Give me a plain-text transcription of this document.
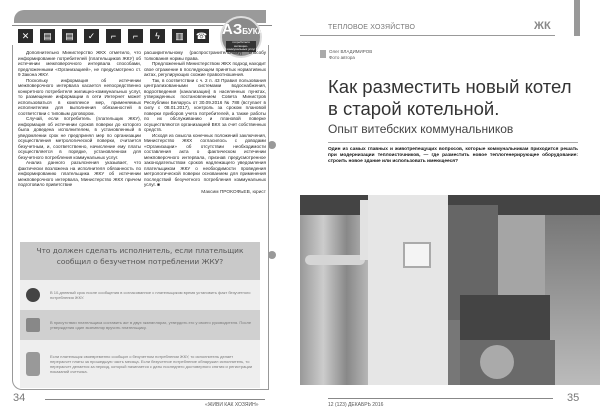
✕	▤	▤	✓	⌐	⌐	ϟ	▥	☎ АЗБУКА
потребителя жилищно-коммунальных услуг

Дополнительно Министерство ЖКХ отметило, что информирование потребителей (плательщиков ЖКУ) об истечении межповерочного интервала способами, предложенными «Организацией», не предусмотрено ст. 9 Закона ЖКУ.

Поскольку информация об истечении межповерочного интервала касается непосредственно конкретного потребителя жилищно-коммунальных услуг, то размещение информации в сети Интернет может использоваться в комплексе мер, применяемых исполнителем для выполнения обязанностей в соответствии с типовым договором.

Случай, если потребитель (плательщик ЖКУ), информация об истечении сроков поверки до которого была доведена исполнителем, в установленный в уведомлении срок не предпринял мер по организации осуществления метрологической поверки, считается безучетным, и, соответственно, начисление ему платы осуществляется в порядке, установленном для безучетного потребления коммунальных услуг.

Анализ данного разъяснения указывает, что фактически возложена на исполнителя обязанность по информированию плательщика ЖКУ об истечении межповерочного интервала, Министерство ЖКХ причем подготовило приветствие

расширительному (распространительному) способу толкования нормы права.

Предложенный Министерством ЖКХ подход находит свое отражение в последующем принятых нормативных актах, регулирующих схожие правоотношения.

Так, в соответствии с ч. 2 п. 43 Правил пользования централизованными системами водоснабжения, водоотведения (канализации) в населенных пунктах, утвержденных постановлением Совета Министров Республики Беларусь от 30.09.2016 № 788 (вступает в силу с 08.01.2017), контроль за сроком плановой поверки приборов учета потребителей, а также работы по их обслуживанию и плановой поверке осуществляются организацией ВКХ за счет собственных средств.

Исходя из смысла конечных положений заключения, Министерство ЖКХ согласилось с доводами «Организации» об отсутствии необходимости составления акта о фактическом истечении межповерочного интервала, признав предусмотренное законодательством сроков надлежащего уведомления плательщиком ЖКУ о необходимости проведения метрологической поверки основанием для применения последствий безучетного потребления коммунальных услуг. ■

Максим ПРОКОФЬЕВ, юрист
Что должен сделать исполнитель, если плательщик сообщил о безучетном потреблении ЖКУ?
В 10-дневный срок после сообщения в согласованное с плательщиком время установить факт безучетного потребления ЖКУ.
В присутствии плательщика составить акт в двух экземплярах, утвердить его у своего руководителя. После утверждения один экземпляр вручить плательщику.
Если плательщик своевременно сообщил о безучетном потреблении ЖКУ, то исполнитель делает перерасчет платы за прошедшую часть месяца. Если безучетное потребление обнаружил исполнитель, то перерасчет делается за период, который начинается с даты последнего достоверного снятия и регистрации показаний счетчика.
34
«ЖИВИ КАК ХОЗЯИН»
ТЕПЛОВОЕ ХОЗЯЙСТВО	ЖК
Олег ВЛАДИМИРОВ
Фото автора
Как разместить новый котел в старой котельной.
Опыт витебских коммунальников
Один из самых главных и животрепещущих вопросов, которые коммунальникам приходится решать при модернизации теплоисточников, — где разместить новое теплогенерирующее оборудование: строить новое здание или использовать имеющееся?
12 (123) ДЕКАБРЬ 2016
35
